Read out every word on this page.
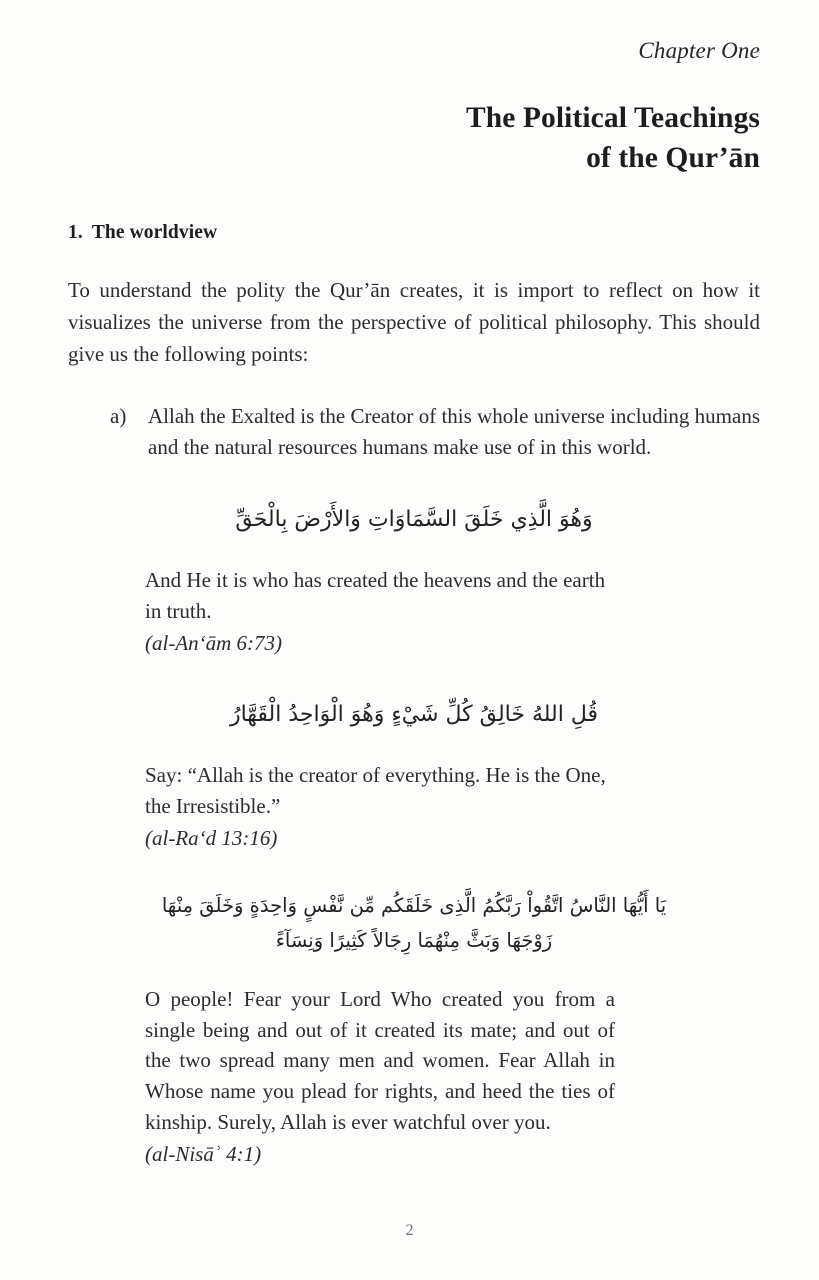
Chapter One
The Political Teachings
of the Qur’ān
1. The worldview

To understand the polity the Qur’ān creates, it is import to reflect on how it visualizes the universe from the perspective of political philosophy. This should give us the following points:

a) Allah the Exalted is the Creator of this whole universe including humans and the natural resources humans make use of in this world.
وَهُوَ الَّذِي خَلَقَ السَّمَاوَاتِ وَالأَرْضَ بِالْحَقِّ
And He it is who has created the heavens and the earth in truth.
(al-Anʻām 6:73)
قُلِ اللهُ خَالِقُ كُلِّ شَيْءٍ وَهُوَ الْوَاحِدُ الْقَهَّارُ
Say: “Allah is the creator of everything. He is the One, the Irresistible.”
(al-Raʻd 13:16)
يَا أَيُّهَا النَّاسُ اتَّقُواْ رَبَّكُمُ الَّذِى خَلَقَكُم مِّن نَّفْسٍ وَاحِدَةٍ وَخَلَقَ مِنْهَا
زَوْجَهَا وَبَثَّ مِنْهُمَا رِجَالاً كَثِيرًا وَنِسَآءً
O people! Fear your Lord Who created you from a single being and out of it created its mate; and out of the two spread many men and women. Fear Allah in Whose name you plead for rights, and heed the ties of kinship. Surely, Allah is ever watchful over you.
(al-Nisāʾ 4:1)
2
